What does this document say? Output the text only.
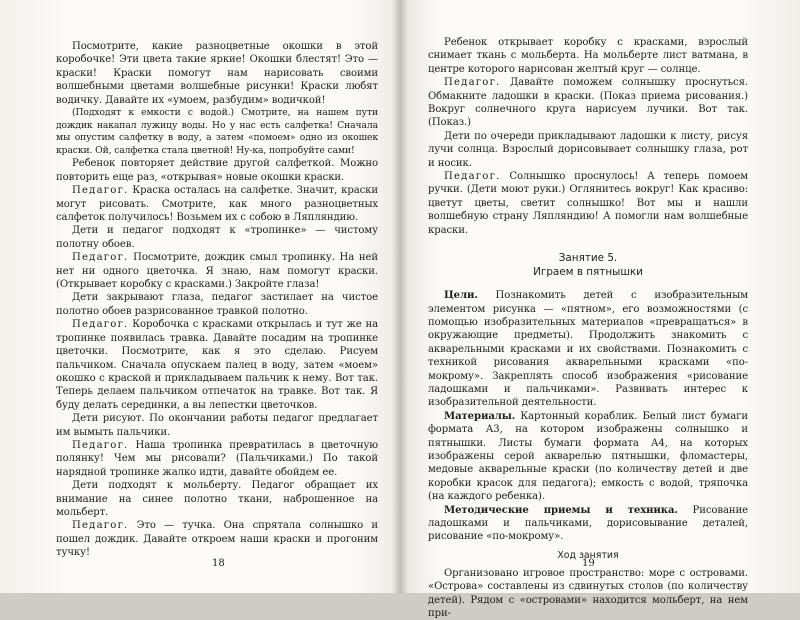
Посмотрите, какие разноцветные окошки в этой коробочке! Эти цвета такие яркие! Окошки блестят! Это — краски! Краски помогут нам нарисовать своими волшебными цветами волшебные рисунки! Краски любят водичку. Давайте их «умоем, разбудим» водичкой!

(Подходят к емкости с водой.) Смотрите, на нашем пути дождик накапал лужицу воды. Но у нас есть салфетка! Сначала мы опустим салфетку в воду, а затем «помоем» одно из окошек краски. Ой, салфетка стала цветной! Ну-ка, попробуйте сами!

Ребенок повторяет действие другой салфеткой. Можно повторить еще раз, «открывая» новые окошки краски.

Педагог. Краска осталась на салфетке. Значит, краски могут рисовать. Смотрите, как много разноцветных салфеток получилось! Возьмем их с собою в Ляпляндию.

Дети и педагог подходят к «тропинке» — чистому полотну обоев.

Педагог. Посмотрите, дождик смыл тропинку. На ней нет ни одного цветочка. Я знаю, нам помогут краски. (Открывает коробку с красками.) Закройте глаза!

Дети закрывают глаза, педагог застилает на чистое полотно обоев разрисованное травкой полотно.

Педагог. Коробочка с красками открылась и тут же на тропинке появилась травка. Давайте посадим на тропинке цветочки. Посмотрите, как я это сделаю. Рисуем пальчиком. Сначала опускаем палец в воду, затем «моем» окошко с краской и прикладываем пальчик к нему. Вот так. Теперь делаем пальчиком отпечаток на травке. Вот так. Я буду делать серединки, а вы лепестки цветочков.

Дети рисуют. По окончании работы педагог предлагает им вымыть пальчики.

Педагог. Наша тропинка превратилась в цветочную полянку! Чем мы рисовали? (Пальчиками.) По такой нарядной тропинке жалко идти, давайте обойдем ее.

Дети подходят к мольберту. Педагог обращает их внимание на синее полотно ткани, наброшенное на мольберт.

Педагог. Это — тучка. Она спрятала солнышко и пошел дождик. Давайте откроем наши краски и прогоним тучку!

18

Ребенок открывает коробку с красками, взрослый снимает ткань с мольберта. На мольберте лист ватмана, в центре которого нарисован желтый круг — солнце.

Педагог. Давайте поможем солнышку проснуться. Обмакните ладошки в краски. (Показ приема рисования.) Вокруг солнечного круга нарисуем лучики. Вот так. (Показ.)

Дети по очереди прикладывают ладошки к листу, рисуя лучи солнца. Взрослый дорисовывает солнышку глаза, рот и носик.

Педагог. Солнышко проснулось! А теперь помоем ручки. (Дети моют руки.) Оглянитесь вокруг! Как красиво: цветут цветы, светит солнышко! Вот мы и нашли волшебную страну Ляпляндию! А помогли нам волшебные краски.

Занятие 5.
Играем в пятнышки

Цели. Познакомить детей с изобразительным элементом рисунка — «пятном», его возможностями (с помощью изобразительных материалов «превращаться» в окружающие предметы). Продолжить знакомить с акварельными красками и их свойствами. Познакомить с техникой рисования акварельными красками «по-мокрому». Закреплять способ изображения «рисование ладошками и пальчиками». Развивать интерес к изобразительной деятельности.

Материалы. Картонный кораблик. Белый лист бумаги формата А3, на котором изображены солнышко и пятнышки. Листы бумаги формата А4, на которых изображены серой акварелью пятнышки, фломастеры, медовые акварельные краски (по количеству детей и две коробки красок для педагога); емкость с водой, тряпочка (на каждого ребенка).

Методические приемы и техника. Рисование ладошками и пальчиками, дорисовывание деталей, рисование «по-мокрому».

Ход занятия

Организовано игровое пространство: море с островами. «Острова» составлены из сдвинутых столов (по количеству детей). Рядом с «островами» находится мольберт, на нем при-

19
